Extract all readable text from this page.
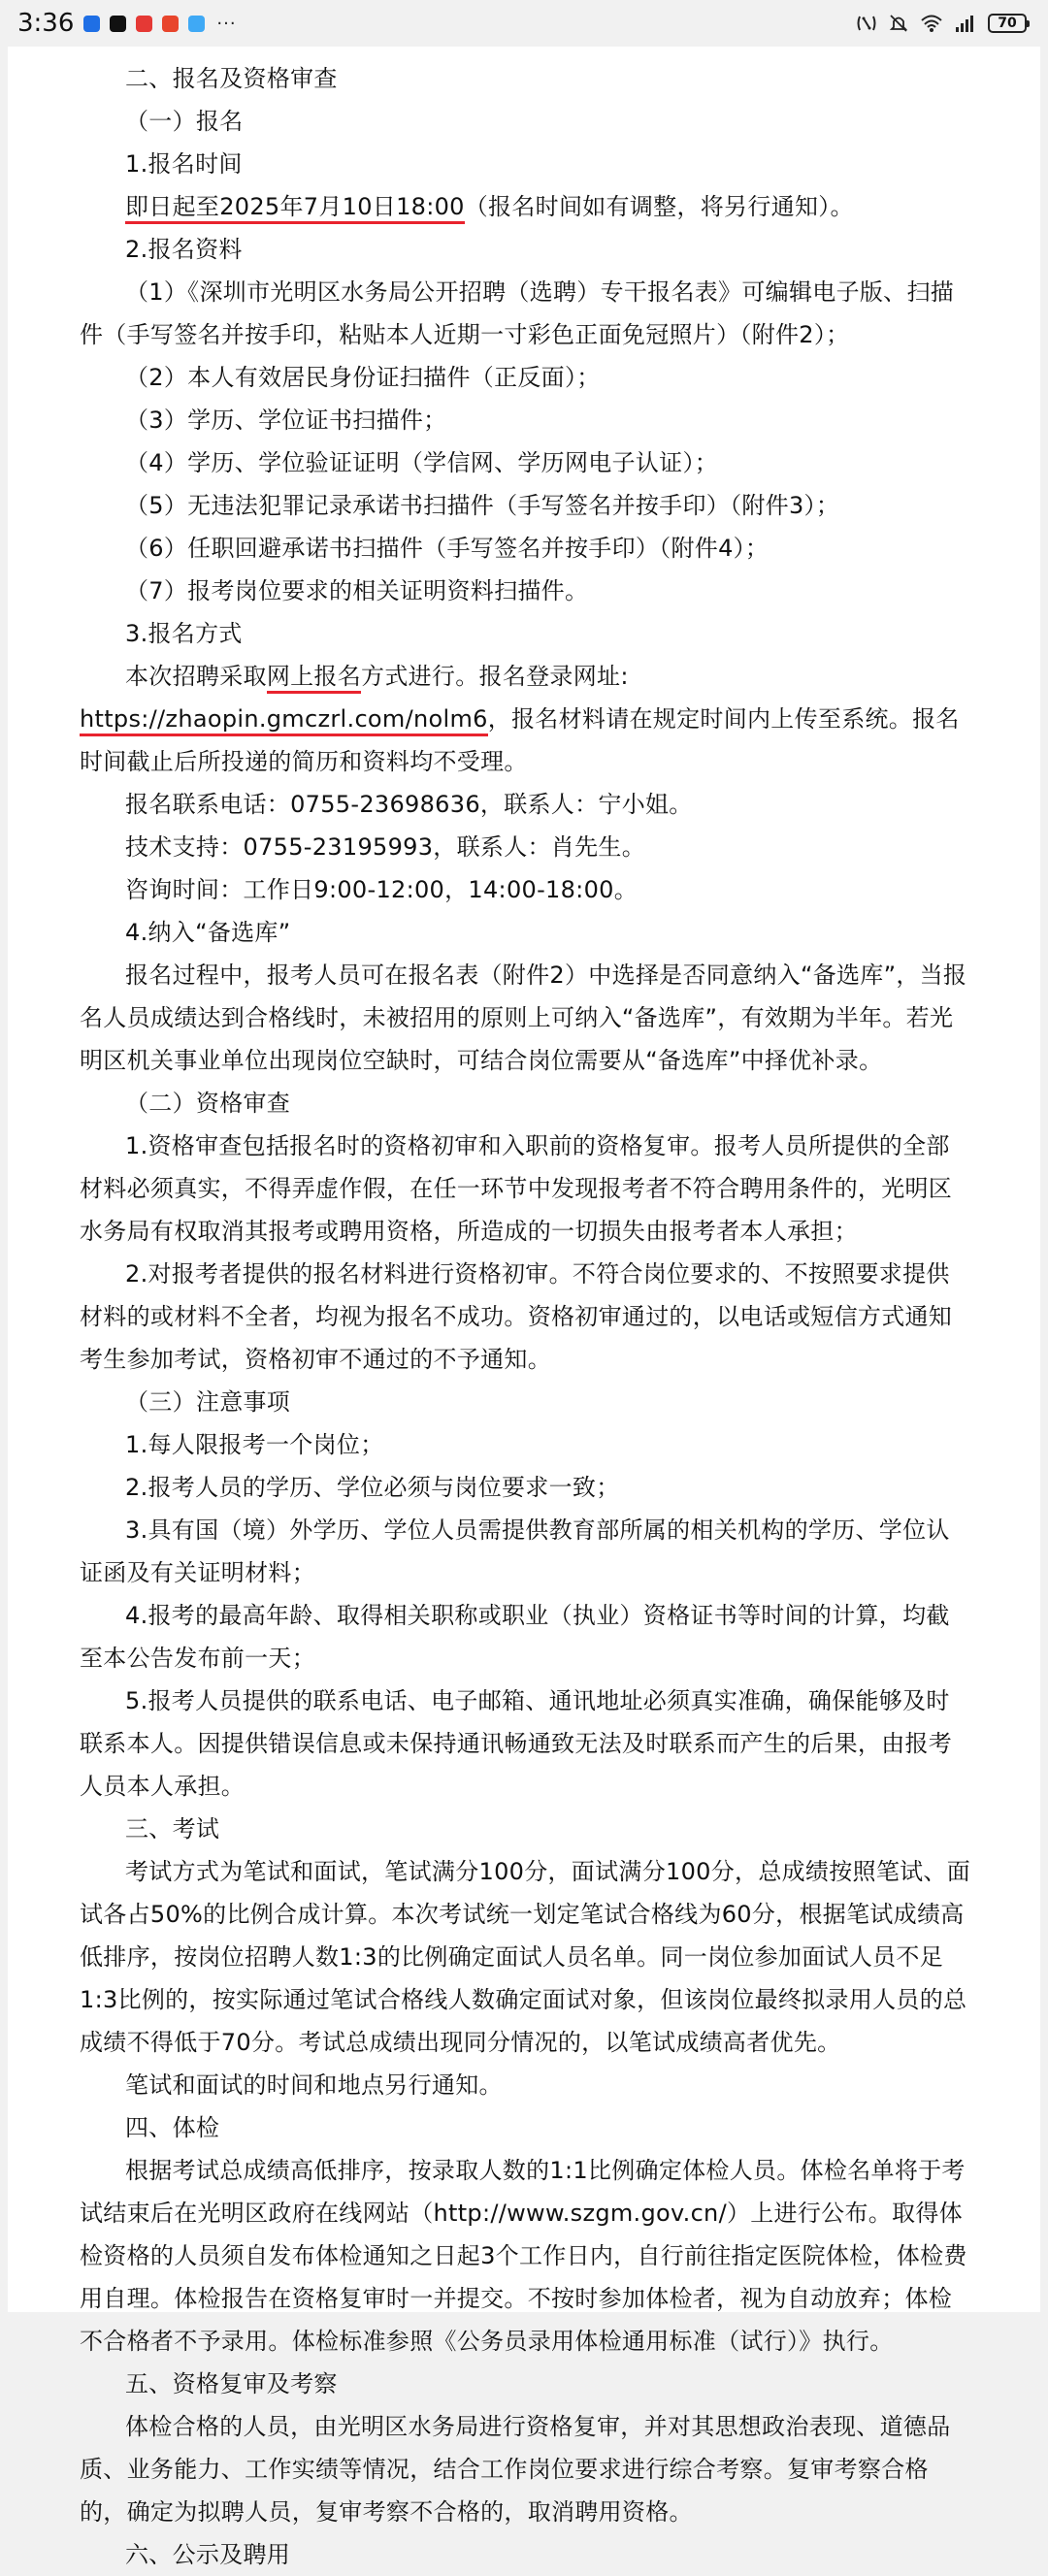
3:36	···	70

二、报名及资格审查

（一）报名

1.报名时间

即日起至2025年7月10日18:00（报名时间如有调整，将另行通知）。

2.报名资料

（1）《深圳市光明区水务局公开招聘（选聘）专干报名表》可编辑电子版、扫描件（手写签名并按手印，粘贴本人近期一寸彩色正面免冠照片）（附件2）；

（2）本人有效居民身份证扫描件（正反面）；

（3）学历、学位证书扫描件；

（4）学历、学位验证证明（学信网、学历网电子认证）；

（5）无违法犯罪记录承诺书扫描件（手写签名并按手印）（附件3）；

（6）任职回避承诺书扫描件（手写签名并按手印）（附件4）；

（7）报考岗位要求的相关证明资料扫描件。

3.报名方式

本次招聘采取网上报名方式进行。报名登录网址:

https://zhaopin.gmczrl.com/nolm6，报名材料请在规定时间内上传至系统。报名时间截止后所投递的简历和资料均不受理。

报名联系电话：0755-23698636，联系人：宁小姐。

技术支持：0755-23195993，联系人：肖先生。

咨询时间：工作日9:00-12:00，14:00-18:00。

4.纳入“备选库”

报名过程中，报考人员可在报名表（附件2）中选择是否同意纳入“备选库”，当报名人员成绩达到合格线时，未被招用的原则上可纳入“备选库”，有效期为半年。若光明区机关事业单位出现岗位空缺时，可结合岗位需要从“备选库”中择优补录。

（二）资格审查

1.资格审查包括报名时的资格初审和入职前的资格复审。报考人员所提供的全部材料必须真实，不得弄虚作假，在任一环节中发现报考者不符合聘用条件的，光明区水务局有权取消其报考或聘用资格，所造成的一切损失由报考者本人承担；

2.对报考者提供的报名材料进行资格初审。不符合岗位要求的、不按照要求提供材料的或材料不全者，均视为报名不成功。资格初审通过的，以电话或短信方式通知考生参加考试，资格初审不通过的不予通知。

（三）注意事项

1.每人限报考一个岗位；

2.报考人员的学历、学位必须与岗位要求一致；

3.具有国（境）外学历、学位人员需提供教育部所属的相关机构的学历、学位认证函及有关证明材料；

4.报考的最高年龄、取得相关职称或职业（执业）资格证书等时间的计算，均截至本公告发布前一天；

5.报考人员提供的联系电话、电子邮箱、通讯地址必须真实准确，确保能够及时联系本人。因提供错误信息或未保持通讯畅通致无法及时联系而产生的后果，由报考人员本人承担。

三、考试

考试方式为笔试和面试，笔试满分100分，面试满分100分，总成绩按照笔试、面试各占50%的比例合成计算。本次考试统一划定笔试合格线为60分，根据笔试成绩高低排序，按岗位招聘人数1:3的比例确定面试人员名单。同一岗位参加面试人员不足1:3比例的，按实际通过笔试合格线人数确定面试对象，但该岗位最终拟录用人员的总成绩不得低于70分。考试总成绩出现同分情况的，以笔试成绩高者优先。

笔试和面试的时间和地点另行通知。

四、体检

根据考试总成绩高低排序，按录取人数的1:1比例确定体检人员。体检名单将于考试结束后在光明区政府在线网站（http://www.szgm.gov.cn/）上进行公布。取得体检资格的人员须自发布体检通知之日起3个工作日内，自行前往指定医院体检，体检费用自理。体检报告在资格复审时一并提交。不按时参加体检者，视为自动放弃；体检不合格者不予录用。体检标准参照《公务员录用体检通用标准（试行）》执行。

五、资格复审及考察

体检合格的人员，由光明区水务局进行资格复审，并对其思想政治表现、道德品质、业务能力、工作实绩等情况，结合工作岗位要求进行综合考察。复审考察合格的，确定为拟聘人员，复审考察不合格的，取消聘用资格。

六、公示及聘用
